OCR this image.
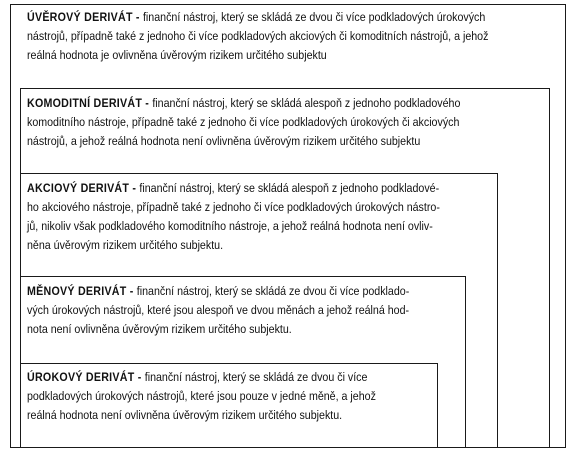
ÚVĚROVÝ DERIVÁT - finanční nástroj, který se skládá ze dvou či více podkladových úrokových
nástrojů, případně také z jednoho či více podkladových akciových či komoditních nástrojů, a jehož
reálná hodnota je ovlivněna úvěrovým rizikem určitého subjektu
KOMODITNÍ DERIVÁT - finanční nástroj, který se skládá alespoň z jednoho podkladového
komoditního nástroje, případně také z jednoho či více podkladových úrokových či akciových
nástrojů, a jehož reálná hodnota není ovlivněna úvěrovým rizikem určitého subjektu
AKCIOVÝ DERIVÁT - finanční nástroj, který se skládá alespoň z jednoho podkladové-
ho akciového nástroje, případně také z jednoho či více podkladových úrokových nástro-
jů, nikoliv však podkladového komoditního nástroje, a jehož reálná hodnota není ovliv-
něna úvěrovým rizikem určitého subjektu.
MĚNOVÝ DERIVÁT - finanční nástroj, který se skládá ze dvou či více podklado-
vých úrokových nástrojů, které jsou alespoň ve dvou měnách a jehož reálná hod-
nota není ovlivněna úvěrovým rizikem určitého subjektu.
ÚROKOVÝ DERIVÁT - finanční nástroj, který se skládá ze dvou či více
podkladových úrokových nástrojů, které jsou pouze v jedné měně, a jehož
reálná hodnota není ovlivněna úvěrovým rizikem určitého subjektu.
